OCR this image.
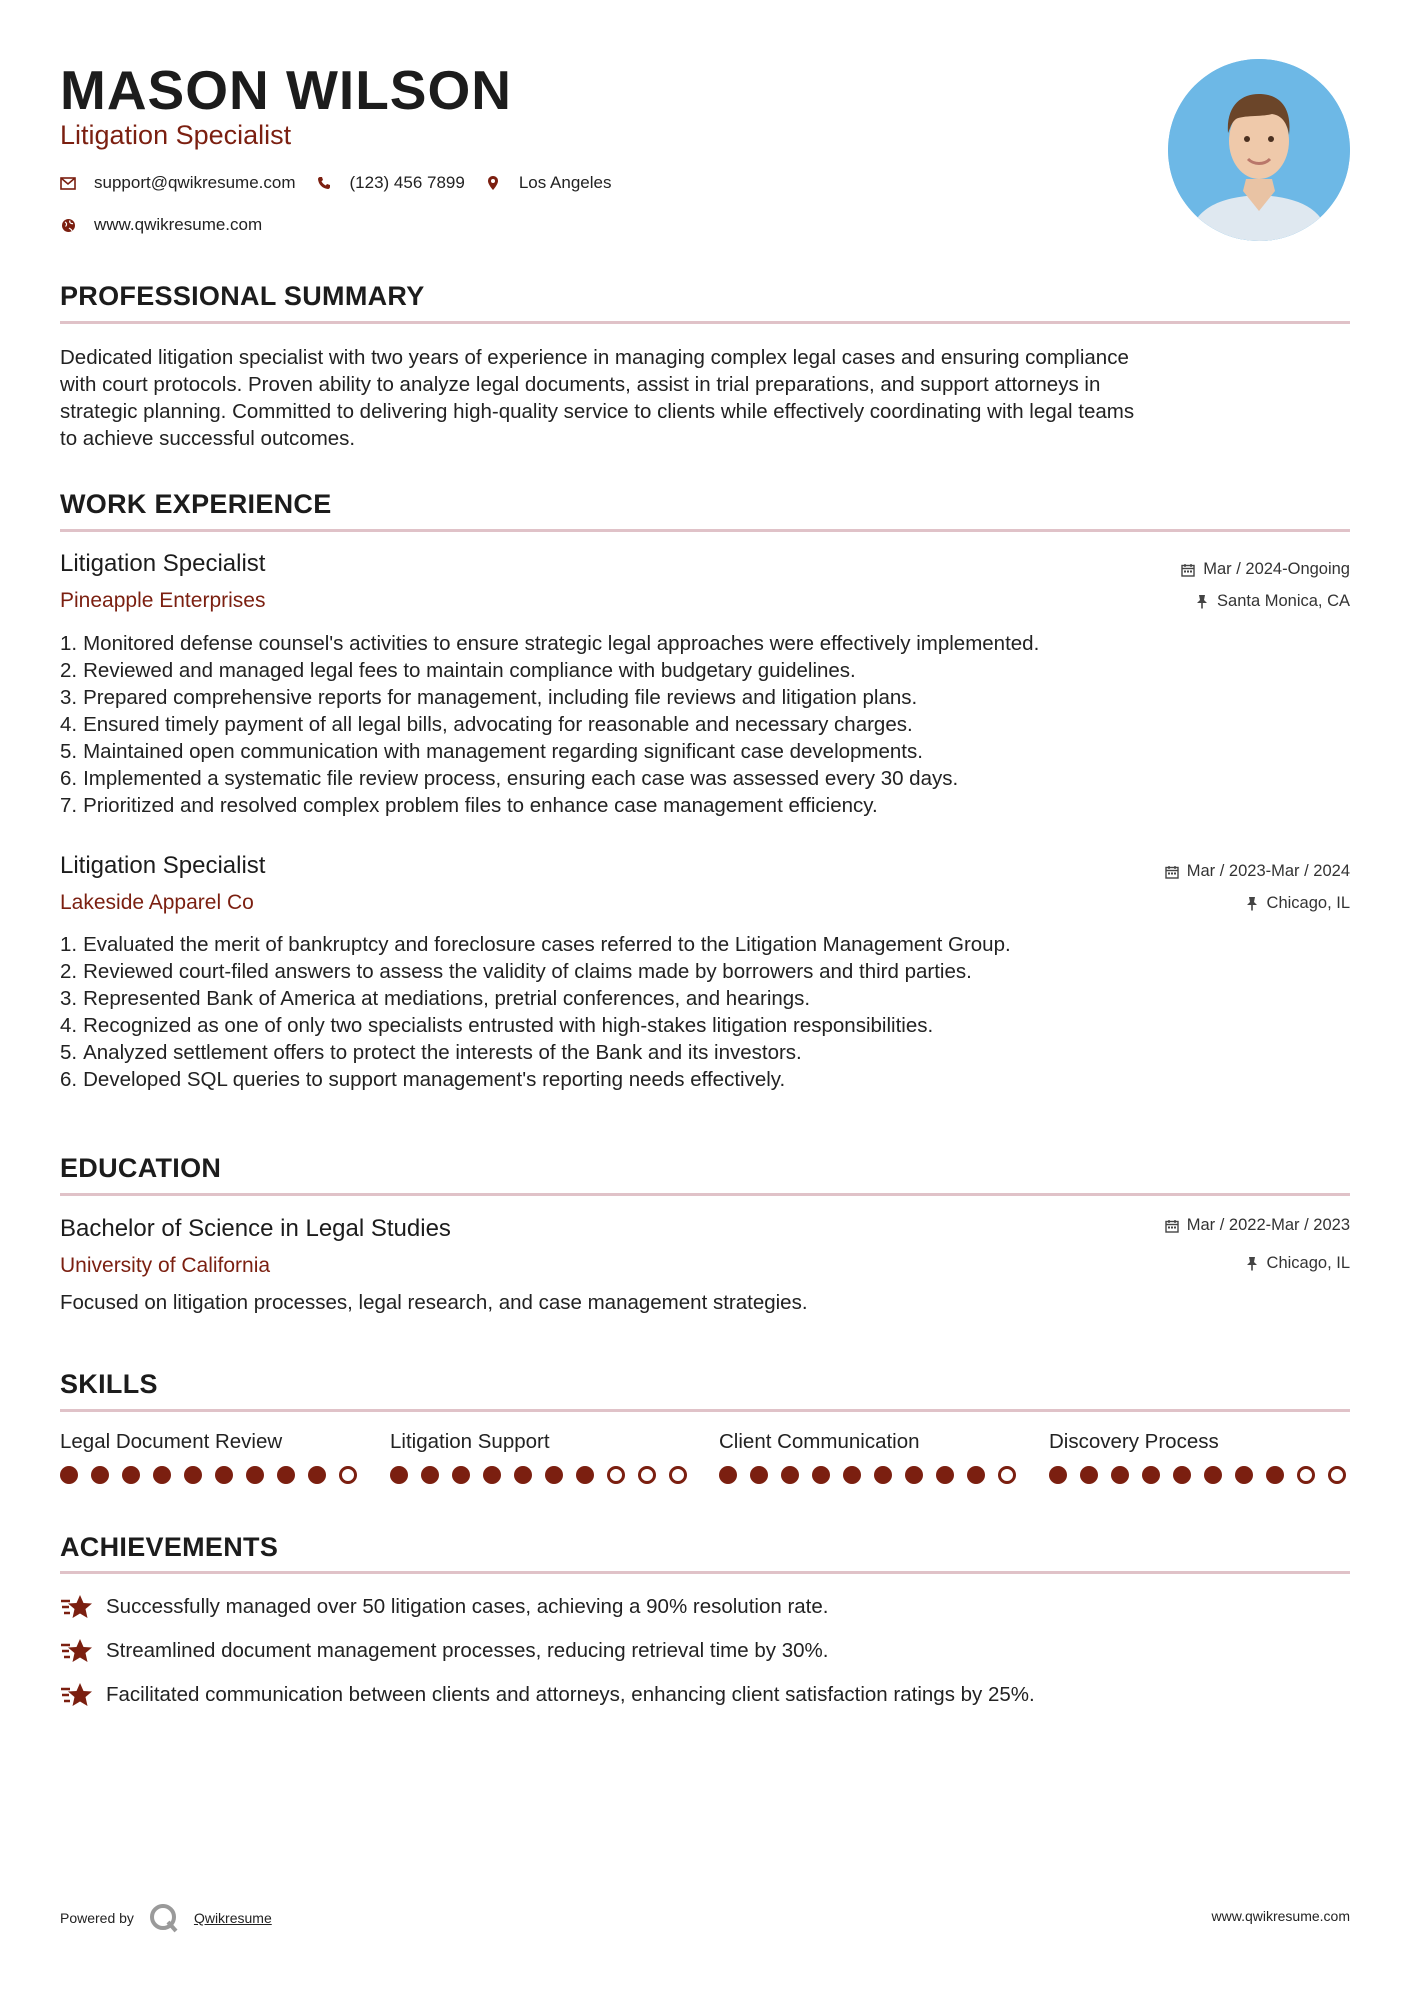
MASON WILSON
Litigation Specialist
support@qwikresume.com	(123) 456 7899	Los Angeles
www.qwikresume.com
PROFESSIONAL SUMMARY
Dedicated litigation specialist with two years of experience in managing complex legal cases and ensuring compliance
with court protocols. Proven ability to analyze legal documents, assist in trial preparations, and support attorneys in
strategic planning. Committed to delivering high-quality service to clients while effectively coordinating with legal teams
to achieve successful outcomes.
WORK EXPERIENCE
Litigation Specialist
Pineapple Enterprises
Mar / 2024-Ongoing
Santa Monica, CA
1. Monitored defense counsel's activities to ensure strategic legal approaches were effectively implemented.
2. Reviewed and managed legal fees to maintain compliance with budgetary guidelines.
3. Prepared comprehensive reports for management, including file reviews and litigation plans.
4. Ensured timely payment of all legal bills, advocating for reasonable and necessary charges.
5. Maintained open communication with management regarding significant case developments.
6. Implemented a systematic file review process, ensuring each case was assessed every 30 days.
7. Prioritized and resolved complex problem files to enhance case management efficiency.
Litigation Specialist
Lakeside Apparel Co
Mar / 2023-Mar / 2024
Chicago, IL
1. Evaluated the merit of bankruptcy and foreclosure cases referred to the Litigation Management Group.
2. Reviewed court-filed answers to assess the validity of claims made by borrowers and third parties.
3. Represented Bank of America at mediations, pretrial conferences, and hearings.
4. Recognized as one of only two specialists entrusted with high-stakes litigation responsibilities.
5. Analyzed settlement offers to protect the interests of the Bank and its investors.
6. Developed SQL queries to support management's reporting needs effectively.
EDUCATION
Bachelor of Science in Legal Studies
University of California
Mar / 2022-Mar / 2023
Chicago, IL
Focused on litigation processes, legal research, and case management strategies.
SKILLS
Legal Document Review	Litigation Support	Client Communication	Discovery Process
ACHIEVEMENTS
Successfully managed over 50 litigation cases, achieving a 90% resolution rate.
Streamlined document management processes, reducing retrieval time by 30%.
Facilitated communication between clients and attorneys, enhancing client satisfaction ratings by 25%.
Powered by	Qwikresume	www.qwikresume.com
